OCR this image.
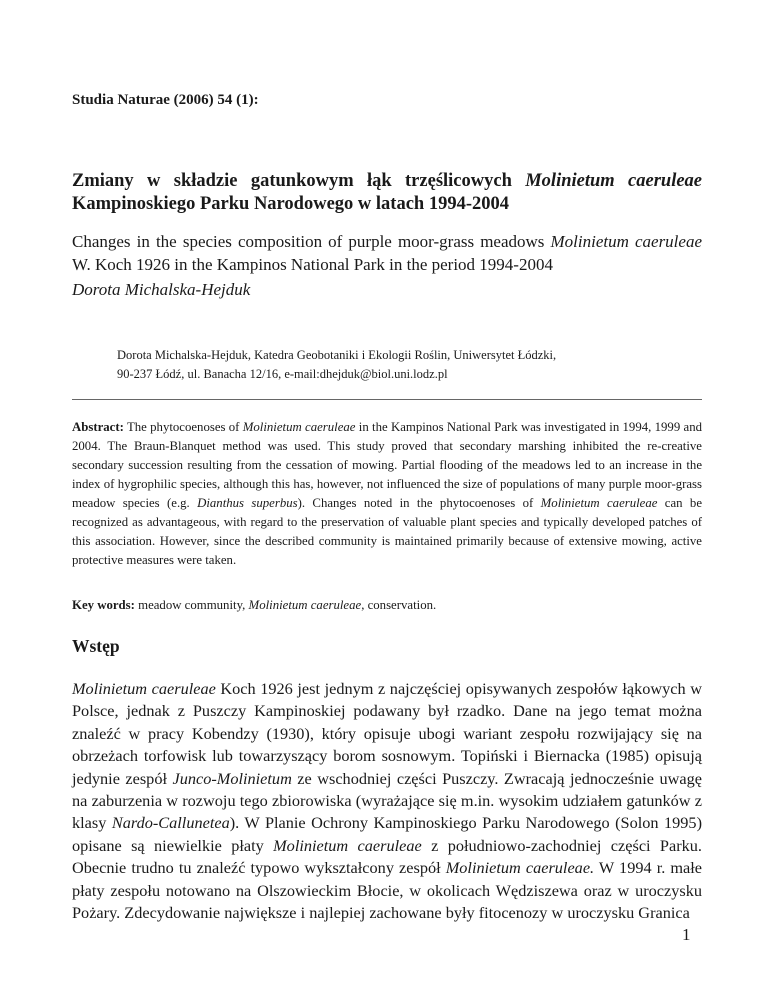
Studia Naturae (2006) 54 (1):
Zmiany w składzie gatunkowym łąk trzęślicowych Molinietum caeruleae Kampinoskiego Parku Narodowego w latach 1994-2004
Changes in the species composition of purple moor-grass meadows Molinietum caeruleae W. Koch 1926 in the Kampinos National Park in the period 1994-2004
Dorota Michalska-Hejduk
Dorota Michalska-Hejduk, Katedra Geobotaniki i Ekologii Roślin, Uniwersytet Łódzki,
90-237 Łódź, ul. Banacha 12/16, e-mail:dhejduk@biol.uni.lodz.pl
Abstract: The phytocoenoses of Molinietum caeruleae in the Kampinos National Park was investigated in 1994, 1999 and 2004. The Braun-Blanquet method was used. This study proved that secondary marshing inhibited the re-creative secondary succession resulting from the cessation of mowing. Partial flooding of the meadows led to an increase in the index of hygrophilic species, although this has, however, not influenced the size of populations of many purple moor-grass meadow species (e.g. Dianthus superbus). Changes noted in the phytocoenoses of Molinietum caeruleae can be recognized as advantageous, with regard to the preservation of valuable plant species and typically developed patches of this association. However, since the described community is maintained primarily because of extensive mowing, active protective measures were taken.
Key words: meadow community, Molinietum caeruleae, conservation.
Wstęp
Molinietum caeruleae Koch 1926 jest jednym z najczęściej opisywanych zespołów łąkowych w Polsce, jednak z Puszczy Kampinoskiej podawany był rzadko. Dane na jego temat można znaleźć w pracy Kobendzy (1930), który opisuje ubogi wariant zespołu rozwijający się na obrzeżach torfowisk lub towarzyszący borom sosnowym. Topiński i Biernacka (1985) opisują jedynie zespół Junco-Molinietum ze wschodniej części Puszczy. Zwracają jednocześnie uwagę na zaburzenia w rozwoju tego zbiorowiska (wyrażające się m.in. wysokim udziałem gatunków z klasy Nardo-Callunetea). W Planie Ochrony Kampinoskiego Parku Narodowego (Solon 1995) opisane są niewielkie płaty Molinietum caeruleae z południowo-zachodniej części Parku. Obecnie trudno tu znaleźć typowo wykształcony zespół Molinietum caeruleae. W 1994 r. małe płaty zespołu notowano na Olszowieckim Błocie, w okolicach Wędziszewa oraz w uroczysku Pożary. Zdecydowanie największe i najlepiej zachowane były fitocenozy w uroczysku Granica
1
